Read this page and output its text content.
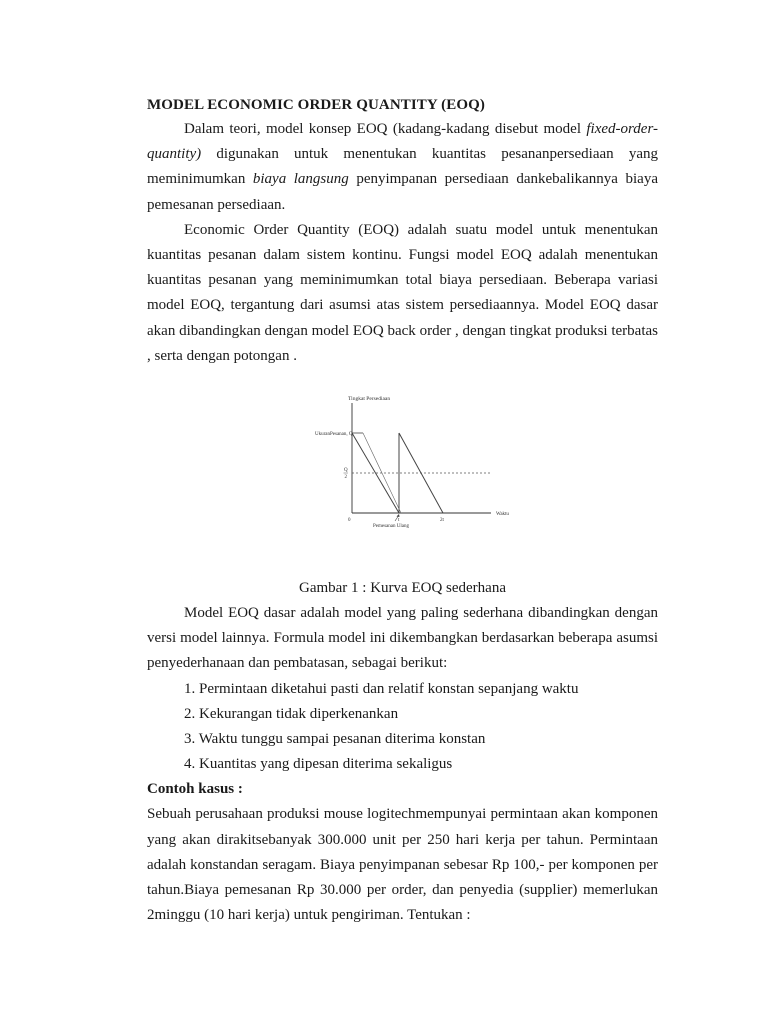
MODEL ECONOMIC ORDER QUANTITY (EOQ)

Dalam teori, model konsep EOQ (kadang-kadang disebut model fixed-order-quantity) digunakan untuk menentukan kuantitas pesananpersediaan yang meminimumkan biaya langsung penyimpanan persediaan dankebalikannya biaya pemesanan persediaan.

Economic Order Quantity (EOQ) adalah suatu model untuk menentukan kuantitas pesanan dalam sistem kontinu. Fungsi model EOQ adalah menentukan kuantitas pesanan yang meminimumkan total biaya persediaan. Beberapa variasi model EOQ, tergantung dari asumsi atas sistem persediaannya. Model EOQ dasar akan dibandingkan dengan model EOQ back order , dengan tingkat produksi terbatas , serta dengan potongan .

Tingkat Persediaan
UkuranPesanan, Q
Q
2
Waktu
0	t	2t
Pemesanan Ulang

Gambar 1 : Kurva EOQ sederhana

Model EOQ dasar adalah model yang paling sederhana dibandingkan dengan versi model lainnya. Formula model ini dikembangkan berdasarkan beberapa asumsi penyederhanaan dan pembatasan, sebagai berikut:

1. Permintaan diketahui pasti dan relatif konstan sepanjang waktu
2. Kekurangan tidak diperkenankan
3. Waktu tunggu sampai pesanan diterima konstan
4. Kuantitas yang dipesan diterima sekaligus

Contoh kasus :

Sebuah perusahaan produksi mouse logitechmempunyai permintaan akan komponen yang akan dirakitsebanyak 300.000 unit per 250 hari kerja per tahun. Permintaan adalah konstandan seragam. Biaya penyimpanan sebesar Rp 100,- per komponen per tahun.Biaya pemesanan Rp 30.000 per order, dan penyedia (supplier) memerlukan 2minggu (10 hari kerja) untuk pengiriman. Tentukan :
